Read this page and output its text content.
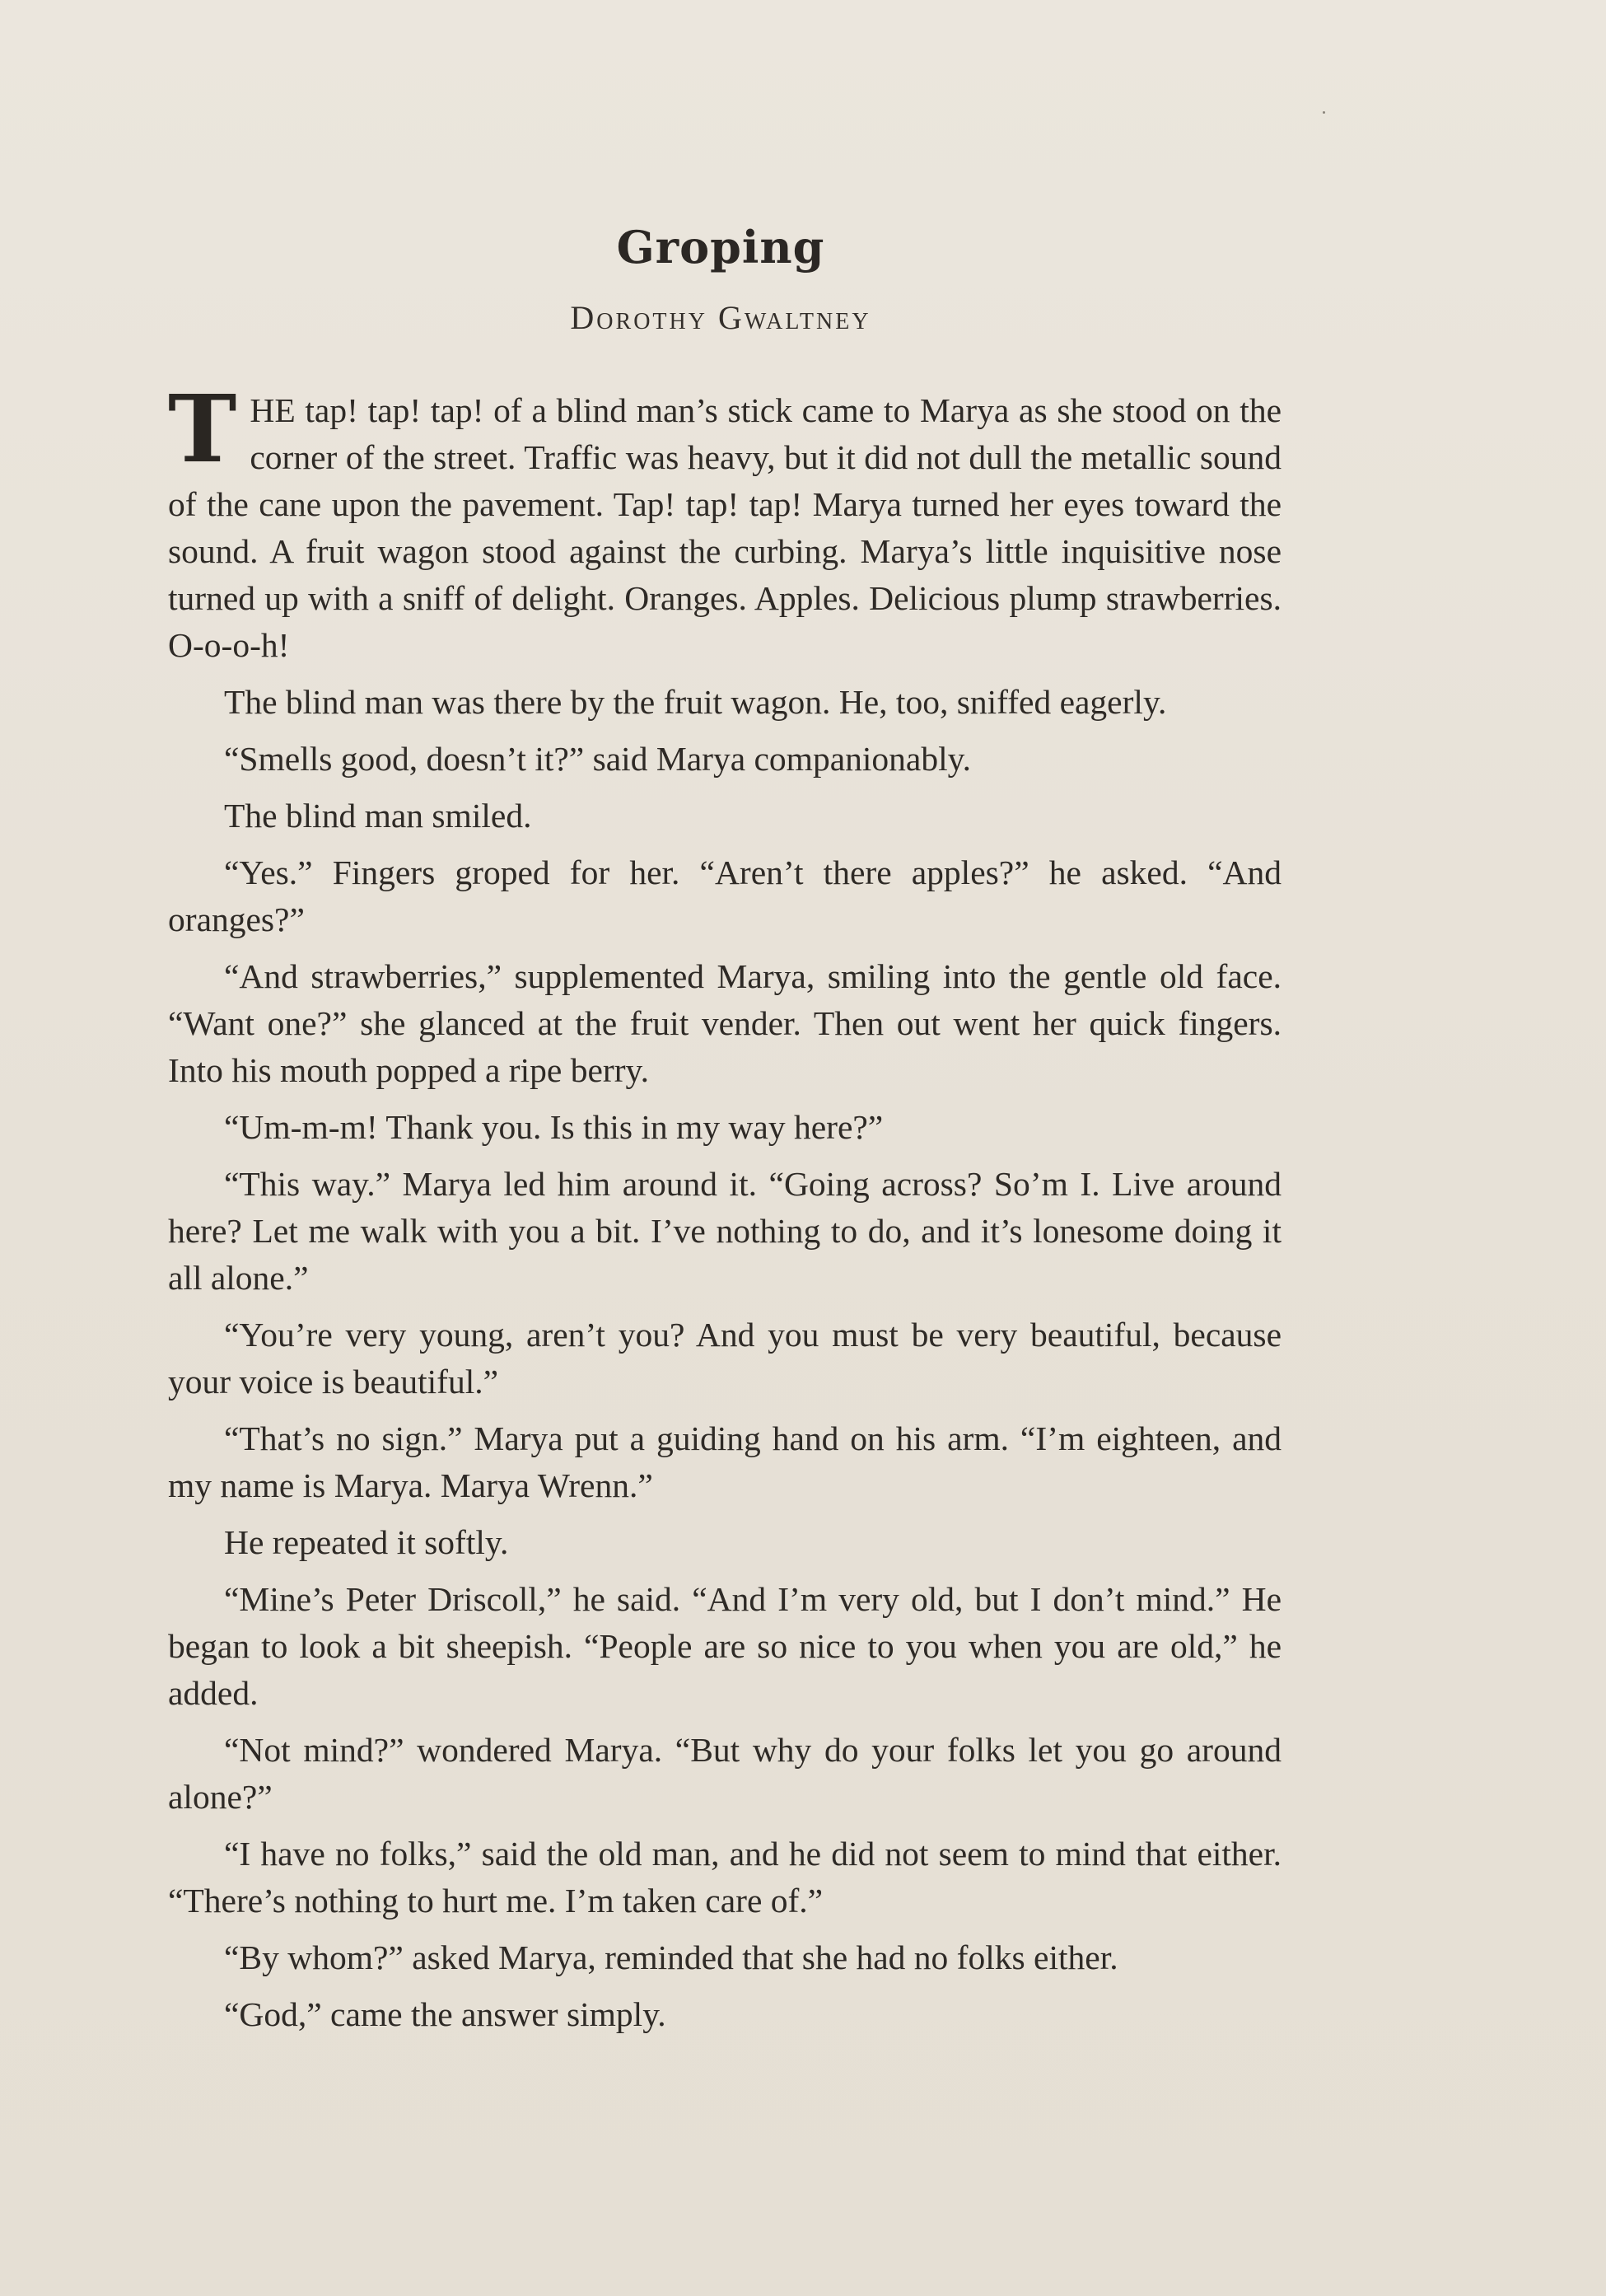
Groping
Dorothy Gwaltney

THE tap! tap! tap! of a blind man’s stick came to Marya as she stood on the corner of the street. Traffic was heavy, but it did not dull the metallic sound of the cane upon the pavement. Tap! tap! tap! Marya turned her eyes toward the sound. A fruit wagon stood against the curbing. Marya’s little inquisitive nose turned up with a sniff of delight. Oranges. Apples. Delicious plump strawberries. O-o-o-h!

The blind man was there by the fruit wagon. He, too, sniffed eagerly.

“Smells good, doesn’t it?” said Marya companionably.

The blind man smiled.

“Yes.” Fingers groped for her. “Aren’t there apples?” he asked. “And oranges?”

“And strawberries,” supplemented Marya, smiling into the gentle old face. “Want one?” she glanced at the fruit vender. Then out went her quick fingers. Into his mouth popped a ripe berry.

“Um-m-m! Thank you. Is this in my way here?”

“This way.” Marya led him around it. “Going across? So’m I. Live around here? Let me walk with you a bit. I’ve nothing to do, and it’s lonesome doing it all alone.”

“You’re very young, aren’t you? And you must be very beautiful, because your voice is beautiful.”

“That’s no sign.” Marya put a guiding hand on his arm. “I’m eighteen, and my name is Marya. Marya Wrenn.”

He repeated it softly.

“Mine’s Peter Driscoll,” he said. “And I’m very old, but I don’t mind.” He began to look a bit sheepish. “People are so nice to you when you are old,” he added.

“Not mind?” wondered Marya. “But why do your folks let you go around alone?”

“I have no folks,” said the old man, and he did not seem to mind that either. “There’s nothing to hurt me. I’m taken care of.”

“By whom?” asked Marya, reminded that she had no folks either.

“God,” came the answer simply.
